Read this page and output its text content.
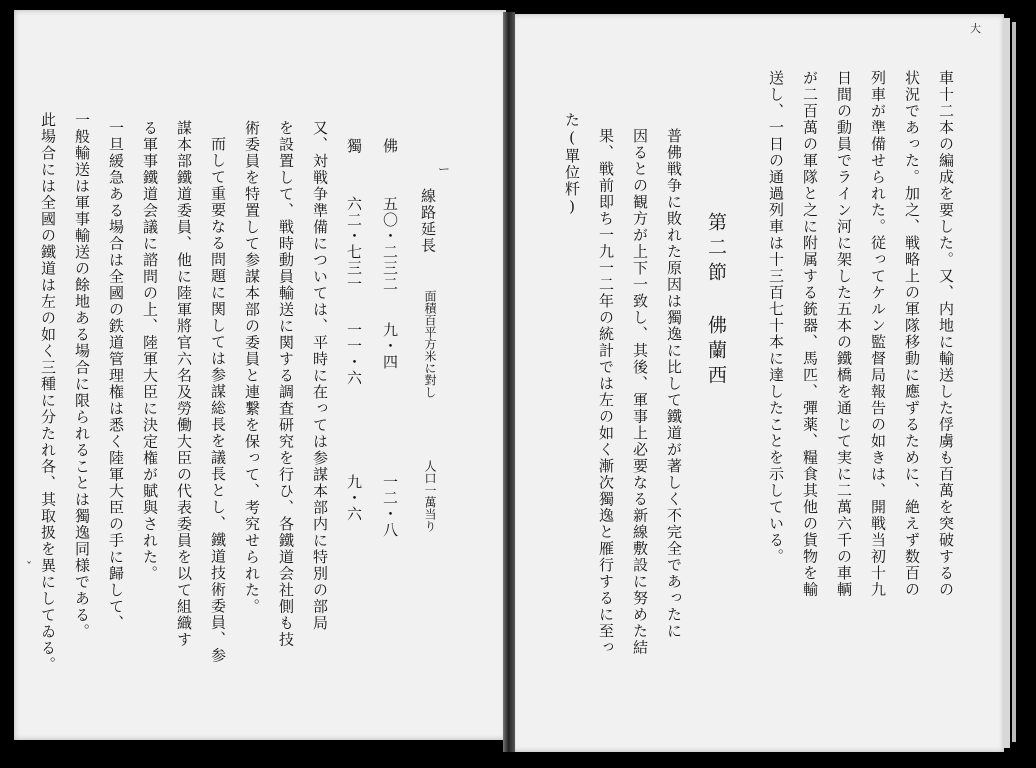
大
車十二本の編成を要した。又、内地に輸送した俘虜も百萬を突破するの
状況であった。加之、戦略上の軍隊移動に應ずるために、絶えず数百の
列車が準備せられた。従ってケルン監督局報告の如きは、開戦当初十九
日間の動員でライン河に架した五本の鐵橋を通じて実に二萬六千の車輌
が二百萬の軍隊と之に附属する銃器、馬匹、彈薬、糧食其他の貨物を輸
送し、一日の通過列車は十三百七十本に達したことを示している。
第二節 佛蘭西
普佛戦争に敗れた原因は獨逸に比して鐵道が著しく不完全であったに
因るとの観方が上下一致し、其後、軍事上必要なる新線敷設に努めた結
果、戦前即ち一九一二年の統計では左の如く漸次獨逸と雁行するに至っ
た(單位粁)
ー
線路延長
面積百平方米に對し
人口一萬当り
佛
五〇・二三二
九・四
一二・八
獨
六二・七三一
一一・六
九・六
又、対戦争準備については、平時に在っては参謀本部内に特別の部局
を設置して、戦時動員輸送に関する調査研究を行ひ、各鐵道会社側も技
術委員を特置して参謀本部の委員と連繋を保って、考究せられた。
而して重要なる問題に関しては参謀総長を議長とし、鐵道技術委員、参
謀本部鐵道委員、他に陸軍將官六名及勞働大臣の代表委員を以て組織す
る軍事鐵道会議に諮問の上、陸軍大臣に決定権が賦與された。
一旦緩急ある場合は全國の鉄道管理権は悉く陸軍大臣の手に歸して、
一般輸送は軍事輸送の餘地ある場合に限られることは獨逸同様である。
此場合には全國の鐵道は左の如く三種に分たれ各、其取扱を異にしてゐる。
ˇ
